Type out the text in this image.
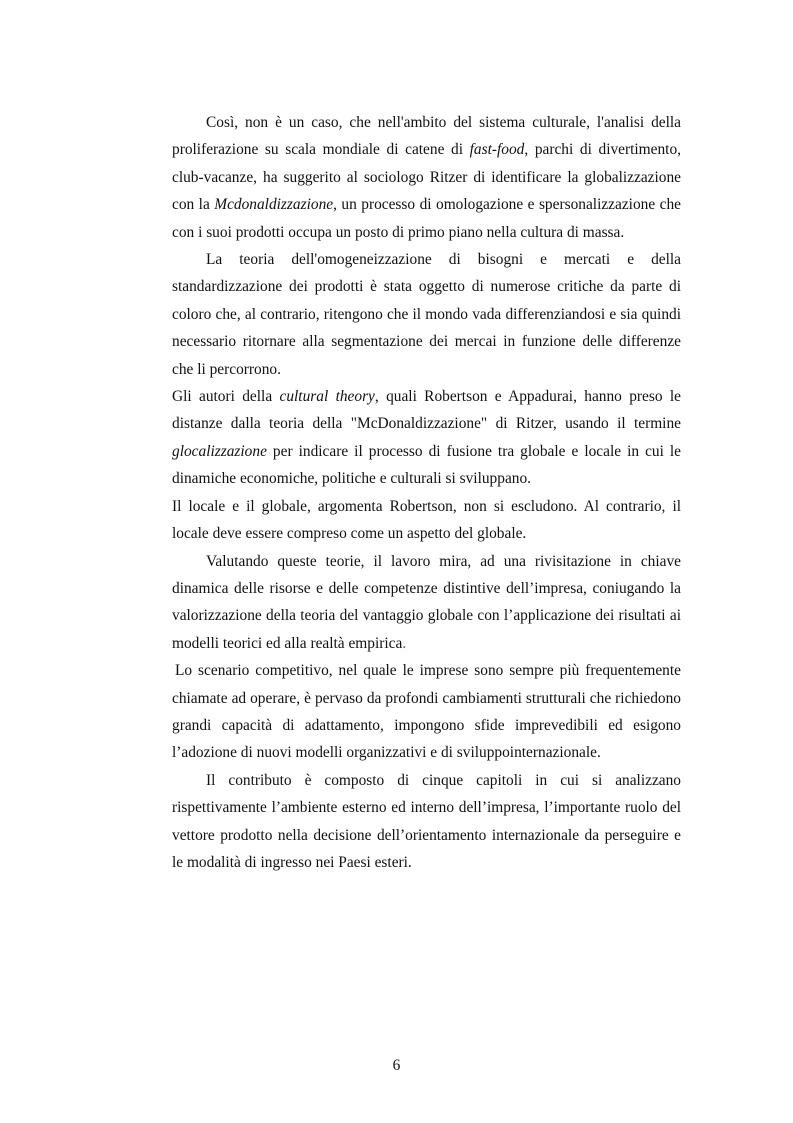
Così, non è un caso, che nell'ambito del sistema culturale, l'analisi della proliferazione su scala mondiale di catene di fast-food, parchi di divertimento, club-vacanze, ha suggerito al sociologo Ritzer di identificare la globalizzazione con la Mcdonaldizzazione, un processo di omologazione e spersonalizzazione che con i suoi prodotti occupa un posto di primo piano nella cultura di massa.

La teoria dell'omogeneizzazione di bisogni e mercati e della standardizzazione dei prodotti è stata oggetto di numerose critiche da parte di coloro che, al contrario, ritengono che il mondo vada differenziandosi e sia quindi necessario ritornare alla segmentazione dei mercai in funzione delle differenze che li percorrono.

Gli autori della cultural theory, quali Robertson e Appadurai, hanno preso le distanze dalla teoria della "McDonaldizzazione" di Ritzer, usando il termine glocalizzazione per indicare il processo di fusione tra globale e locale in cui le dinamiche economiche, politiche e culturali si sviluppano.

Il locale e il globale, argomenta Robertson, non si escludono. Al contrario, il locale deve essere compreso come un aspetto del globale.

Valutando queste teorie, il lavoro mira, ad una rivisitazione in chiave dinamica delle risorse e delle competenze distintive dell’impresa, coniugando la valorizzazione della teoria del vantaggio globale con l’applicazione dei risultati ai modelli teorici ed alla realtà empirica.

Lo scenario competitivo, nel quale le imprese sono sempre più frequentemente chiamate ad operare, è pervaso da profondi cambiamenti strutturali che richiedono grandi capacità di adattamento, impongono sfide imprevedibili ed esigono l’adozione di nuovi modelli organizzativi e di sviluppointernazionale.

Il contributo è composto di cinque capitoli in cui si analizzano rispettivamente l’ambiente esterno ed interno dell’impresa, l’importante ruolo del vettore prodotto nella decisione dell’orientamento internazionale da perseguire e le modalità di ingresso nei Paesi esteri.

6
